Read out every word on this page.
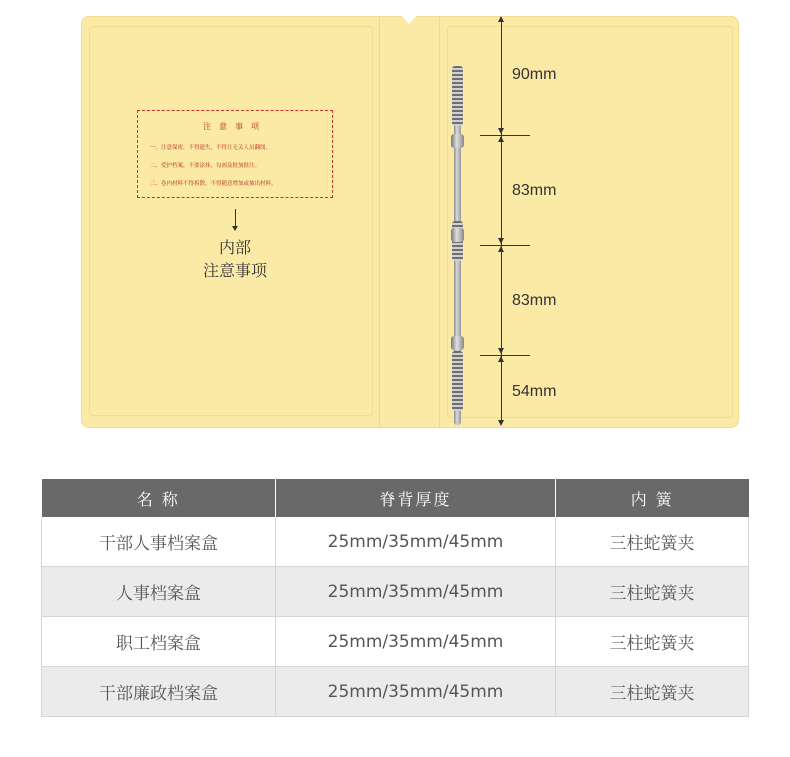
注意事项
一、注意保密，不得遗失，不得让无关人员翻阅。
二、爱护档案，不要涂抹，勾画及批加批注。
三、卷内材料不得拆散，不得随意增加或抽出材料。
内部
注意事项
90mm
83mm
83mm
54mm
名 称	脊背厚度	内 簧
干部人事档案盒	25mm/35mm/45mm	三柱蛇簧夹
人事档案盒	25mm/35mm/45mm	三柱蛇簧夹
职工档案盒	25mm/35mm/45mm	三柱蛇簧夹
干部廉政档案盒	25mm/35mm/45mm	三柱蛇簧夹
